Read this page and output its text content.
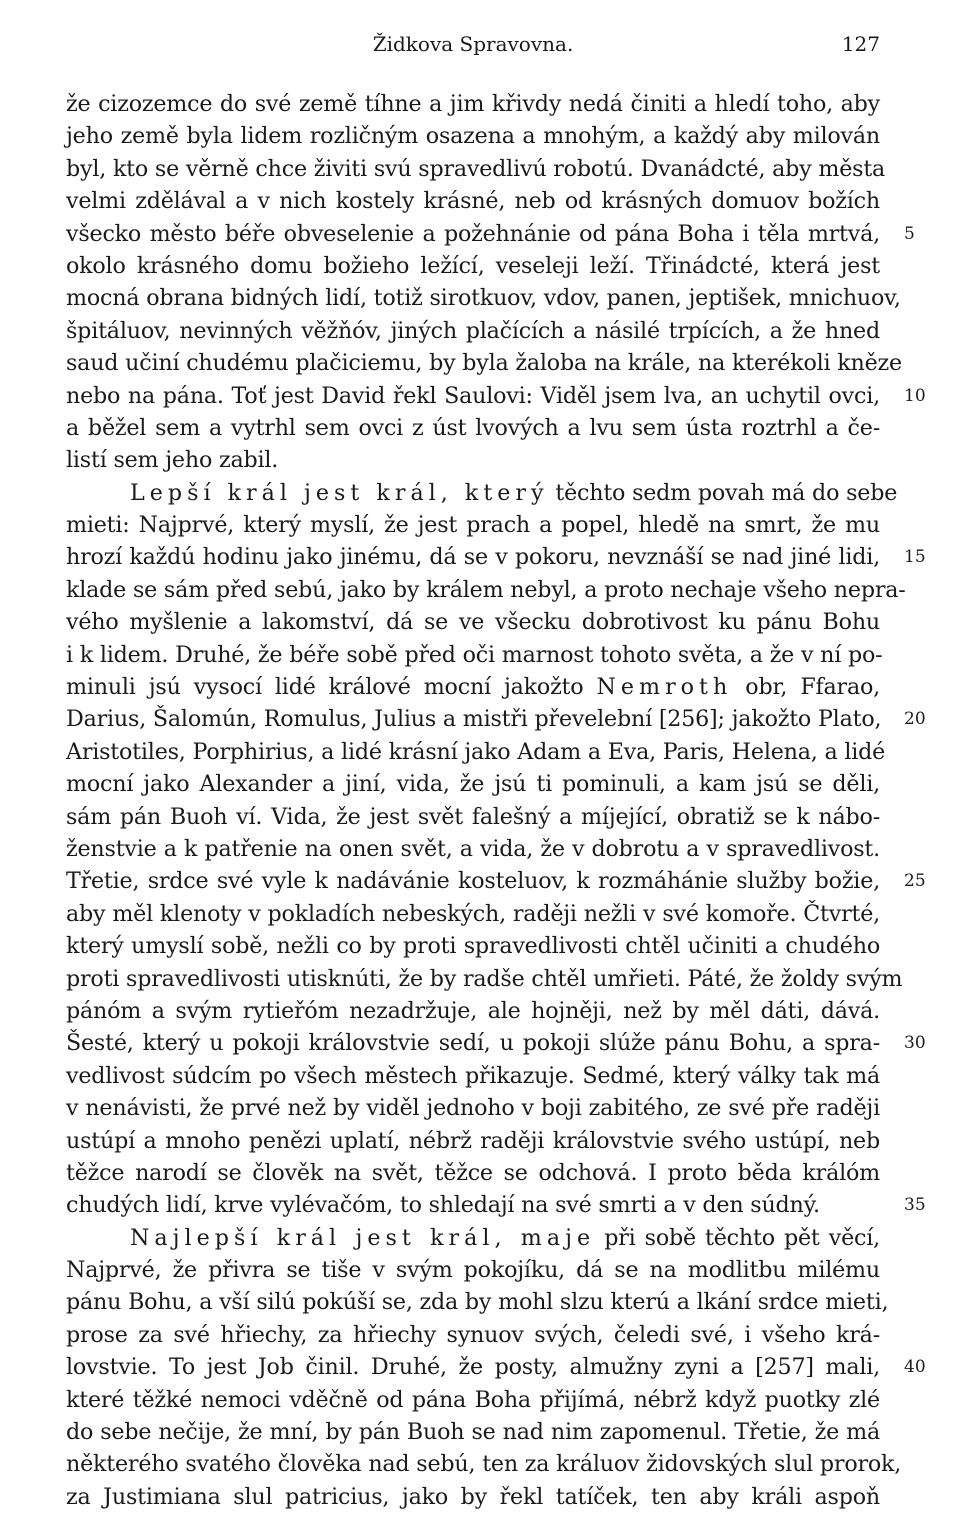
Židkova Spravovna.	127
že cizozemce do své země tíhne a jim křivdy nedá činiti a hledí toho, aby
jeho země byla lidem rozličným osazena a mnohým, a každý aby milován
byl, kto se věrně chce živiti svú spravedlivú robotú. Dvanádcté, aby města
velmi zdělával a v nich kostely krásné, neb od krásných domuov božích
všecko město béře obveselenie a požehnánie od pána Boha i těla mrtvá, 5
okolo krásného domu božieho ležící, veseleji leží. Třinádcté, která jest
mocná obrana bidných lidí, totiž sirotkuov, vdov, panen, jeptišek, mnichuov,
špitáluov, nevinných věžňóv, jiných plačících a násilé trpících, a že hned
saud učiní chudému plačiciemu, by byla žaloba na krále, na kterékoli kněze
nebo na pána. Toť jest David řekl Saulovi: Viděl jsem lva, an uchytil ovci, 10
a běžel sem a vytrhl sem ovci z úst lvových a lvu sem ústa roztrhl a če-
listí sem jeho zabil.
Lepší král jest král, který těchto sedm povah má do sebe
mieti: Najprvé, který myslí, že jest prach a popel, hledě na smrt, že mu
hrozí každú hodinu jako jinému, dá se v pokoru, nevznáší se nad jiné lidi, 15
klade se sám před sebú, jako by králem nebyl, a proto nechaje všeho nepra-
vého myšlenie a lakomství, dá se ve všecku dobrotivost ku pánu Bohu
i k lidem. Druhé, že béře sobě před oči marnost tohoto světa, a že v ní po-
minuli jsú vysocí lidé králové mocní jakožto Nemroth obr, Ffarao,
Darius, Šalomún, Romulus, Julius a mistři převelební [256]; jakožto Plato, 20
Aristotiles, Porphirius, a lidé krásní jako Adam a Eva, Paris, Helena, a lidé
mocní jako Alexander a jiní, vida, že jsú ti pominuli, a kam jsú se děli,
sám pán Buoh ví. Vida, že jest svět falešný a míjející, obratiž se k nábo-
ženstvie a k patřenie na onen svět, a vida, že v dobrotu a v spravedlivost.
Třetie, srdce své vyle k nadávánie kosteluov, k rozmáhánie služby božie, 25
aby měl klenoty v pokladích nebeských, raději nežli v své komoře. Čtvrté,
který umyslí sobě, nežli co by proti spravedlivosti chtěl učiniti a chudého
proti spravedlivosti utisknúti, že by radše chtěl umřieti. Páté, že žoldy svým
pánóm a svým rytieřóm nezadržuje, ale hojněji, než by měl dáti, dává.
Šesté, který u pokoji královstvie sedí, u pokoji slúže pánu Bohu, a spra- 30
vedlivost súdcím po všech městech přikazuje. Sedmé, který války tak má
v nenávisti, že prvé než by viděl jednoho v boji zabitého, ze své pře raději
ustúpí a mnoho penězi uplatí, nébrž raději královstvie svého ustúpí, neb
těžce narodí se člověk na svět, těžce se odchová. I proto běda králóm
chudých lidí, krve vylévačóm, to shledají na své smrti a v den súdný.	35
Najlepší král jest král, maje při sobě těchto pět věcí,
Najprvé, že přivra se tiše v svým pokojíku, dá se na modlitbu milému
pánu Bohu, a vší silú pokúší se, zda by mohl slzu kterú a lkání srdce mieti,
prose za své hřiechy, za hřiechy synuov svých, čeledi své, i všeho krá-
lovstvie. To jest Job činil. Druhé, že posty, almužny zyni a [257] mali, 40
které těžké nemoci vděčně od pána Boha přijímá, nébrž když puotky zlé
do sebe nečije, že mní, by pán Buoh se nad nim zapomenul. Třetie, že má
některého svatého člověka nad sebú, ten za králuov židovských slul prorok,
za Justimiana slul patricius, jako by řekl tatíček, ten aby králi aspoň
